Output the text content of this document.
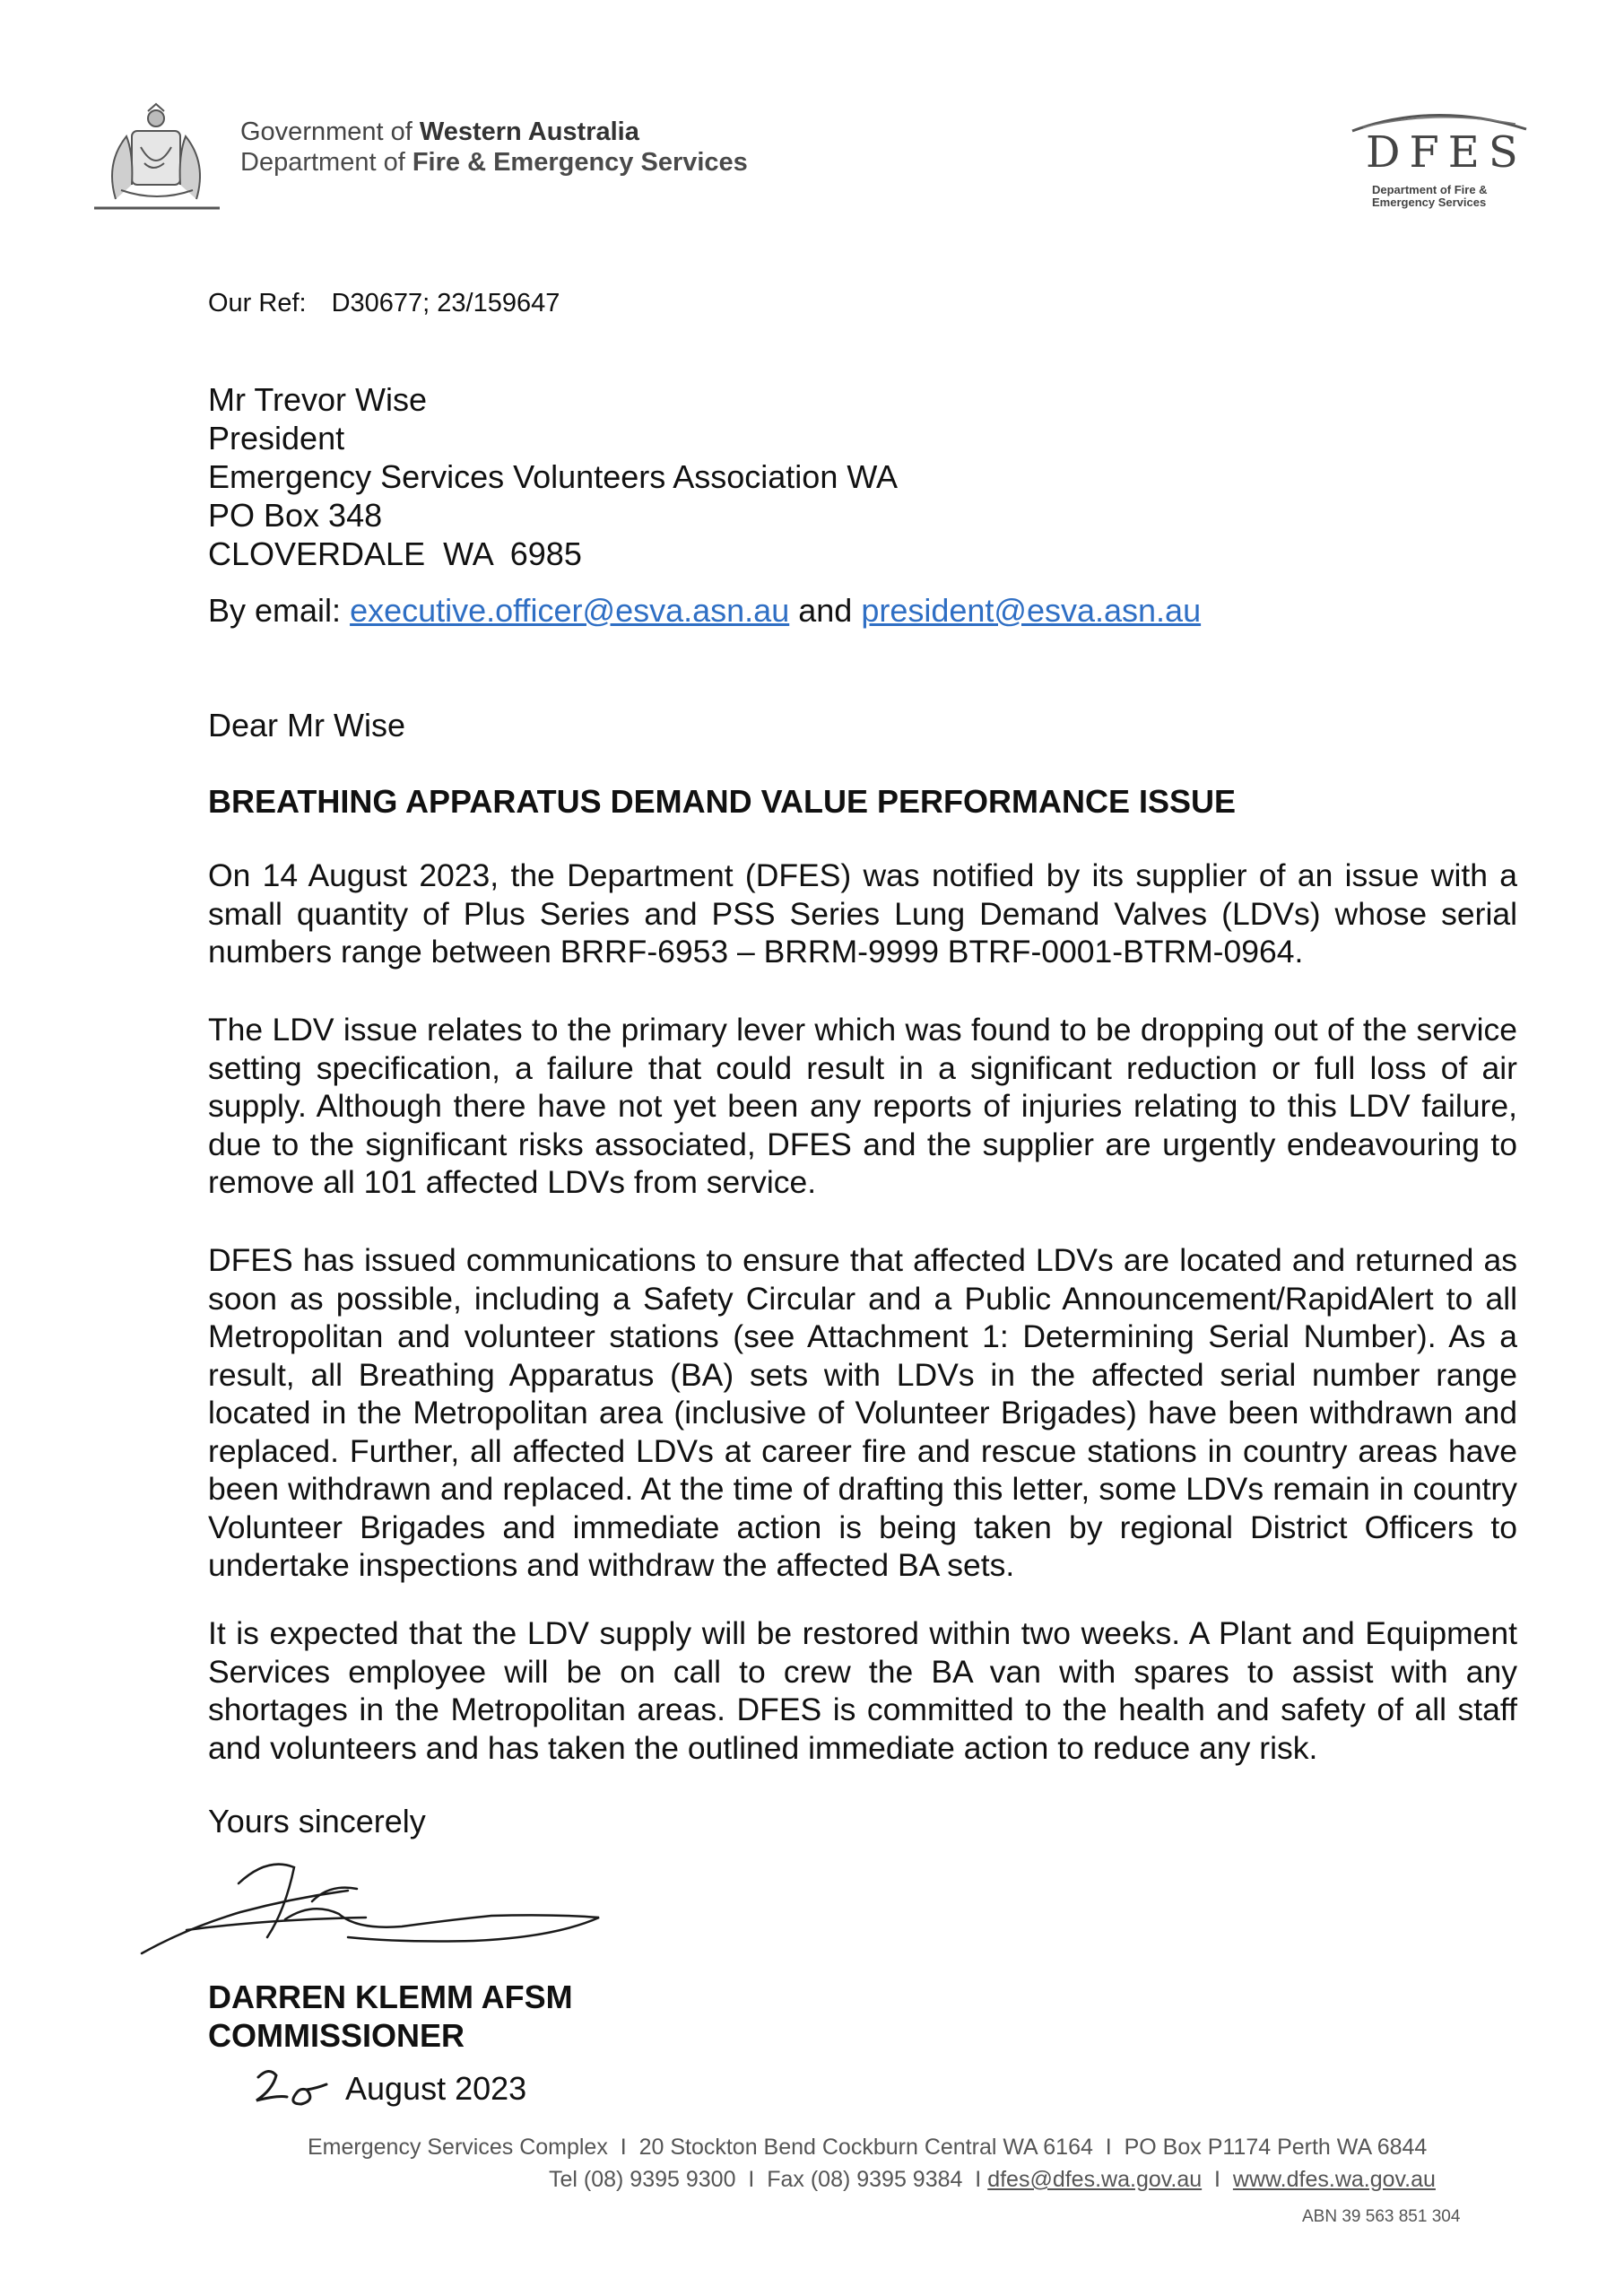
Government of Western Australia
Department of Fire & Emergency Services	DFES
Department of Fire &
Emergency Services
Our Ref: D30677; 23/159647
Mr Trevor Wise
President
Emergency Services Volunteers Association WA
PO Box 348
CLOVERDALE  WA  6985
By email: executive.officer@esva.asn.au and president@esva.asn.au
Dear Mr Wise
BREATHING APPARATUS DEMAND VALUE PERFORMANCE ISSUE
On 14 August 2023, the Department (DFES) was notified by its supplier of an issue with a small quantity of Plus Series and PSS Series Lung Demand Valves (LDVs) whose serial numbers range between BRRF-6953 – BRRM-9999 BTRF-0001-BTRM-0964.
The LDV issue relates to the primary lever which was found to be dropping out of the service setting specification, a failure that could result in a significant reduction or full loss of air supply. Although there have not yet been any reports of injuries relating to this LDV failure, due to the significant risks associated, DFES and the supplier are urgently endeavouring to remove all 101 affected LDVs from service.
DFES has issued communications to ensure that affected LDVs are located and returned as soon as possible, including a Safety Circular and a Public Announcement/RapidAlert to all Metropolitan and volunteer stations (see Attachment 1: Determining Serial Number). As a result, all Breathing Apparatus (BA) sets with LDVs in the affected serial number range located in the Metropolitan area (inclusive of Volunteer Brigades) have been withdrawn and replaced. Further, all affected LDVs at career fire and rescue stations in country areas have been withdrawn and replaced. At the time of drafting this letter, some LDVs remain in country Volunteer Brigades and immediate action is being taken by regional District Officers to undertake inspections and withdraw the affected BA sets.
It is expected that the LDV supply will be restored within two weeks. A Plant and Equipment Services employee will be on call to crew the BA van with spares to assist with any shortages in the Metropolitan areas. DFES is committed to the health and safety of all staff and volunteers and has taken the outlined immediate action to reduce any risk.
Yours sincerely
DARREN KLEMM AFSM
COMMISSIONER
August 2023
Emergency Services Complex  I  20 Stockton Bend Cockburn Central WA 6164  I  PO Box P1174 Perth WA 6844
Tel (08) 9395 9300  I  Fax (08) 9395 9384  I dfes@dfes.wa.gov.au  I  www.dfes.wa.gov.au
ABN 39 563 851 304
